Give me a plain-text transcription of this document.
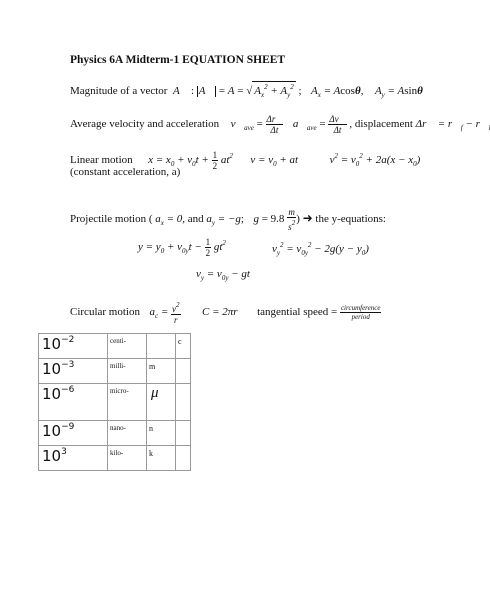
Physics 6A Midterm-1 EQUATION SHEET
Magnitude of a vector  A⃗ : A⃗ = A = √ $A_x^2 + A_y^2$ ;  $A_x = Acos\theta$,  $A_y = Asin\theta$
Average velocity and acceleration $v⃗_{ave} = \frac{\Delta r⃗}{\Delta t}$ $a⃗_{ave} = \frac{\Delta v⃗}{\Delta t}$ , displacement Δr⃗ = $r⃗_f$ − r⃗
Linear motion $x = x_0 + v_0t + \frac{1}{2} at^2$ $v = v_0$ + at	$v^2 = v_0^2 + 2a(x - x_0)$
(constant acceleration, a)
Projectile motion ( $a_x = 0$, and $a_y = -g$;  $g = 9.8 \frac{m}{s^2}$ ) ➜ the y-equations:
$y = y_0 + v_{0y}t - \frac{1}{2} gt^2$	$v_y^2 = v_{0y}^2 - 2g(y - y_0)$
$v_y = v_{0y}$ − gt
Circular motion $a_c = \frac{v^2}{r}$ C = 2πr tangential speed = $\frac{\text{circumference}}{\text{period}}$
$10^{-2}$	centi-		c
$10^{-3}$	milli-	m	
$10^{-6}$	micro-	μ	
$10^{-9}$	nano-	n	
$10^3$	kilo-	k	
